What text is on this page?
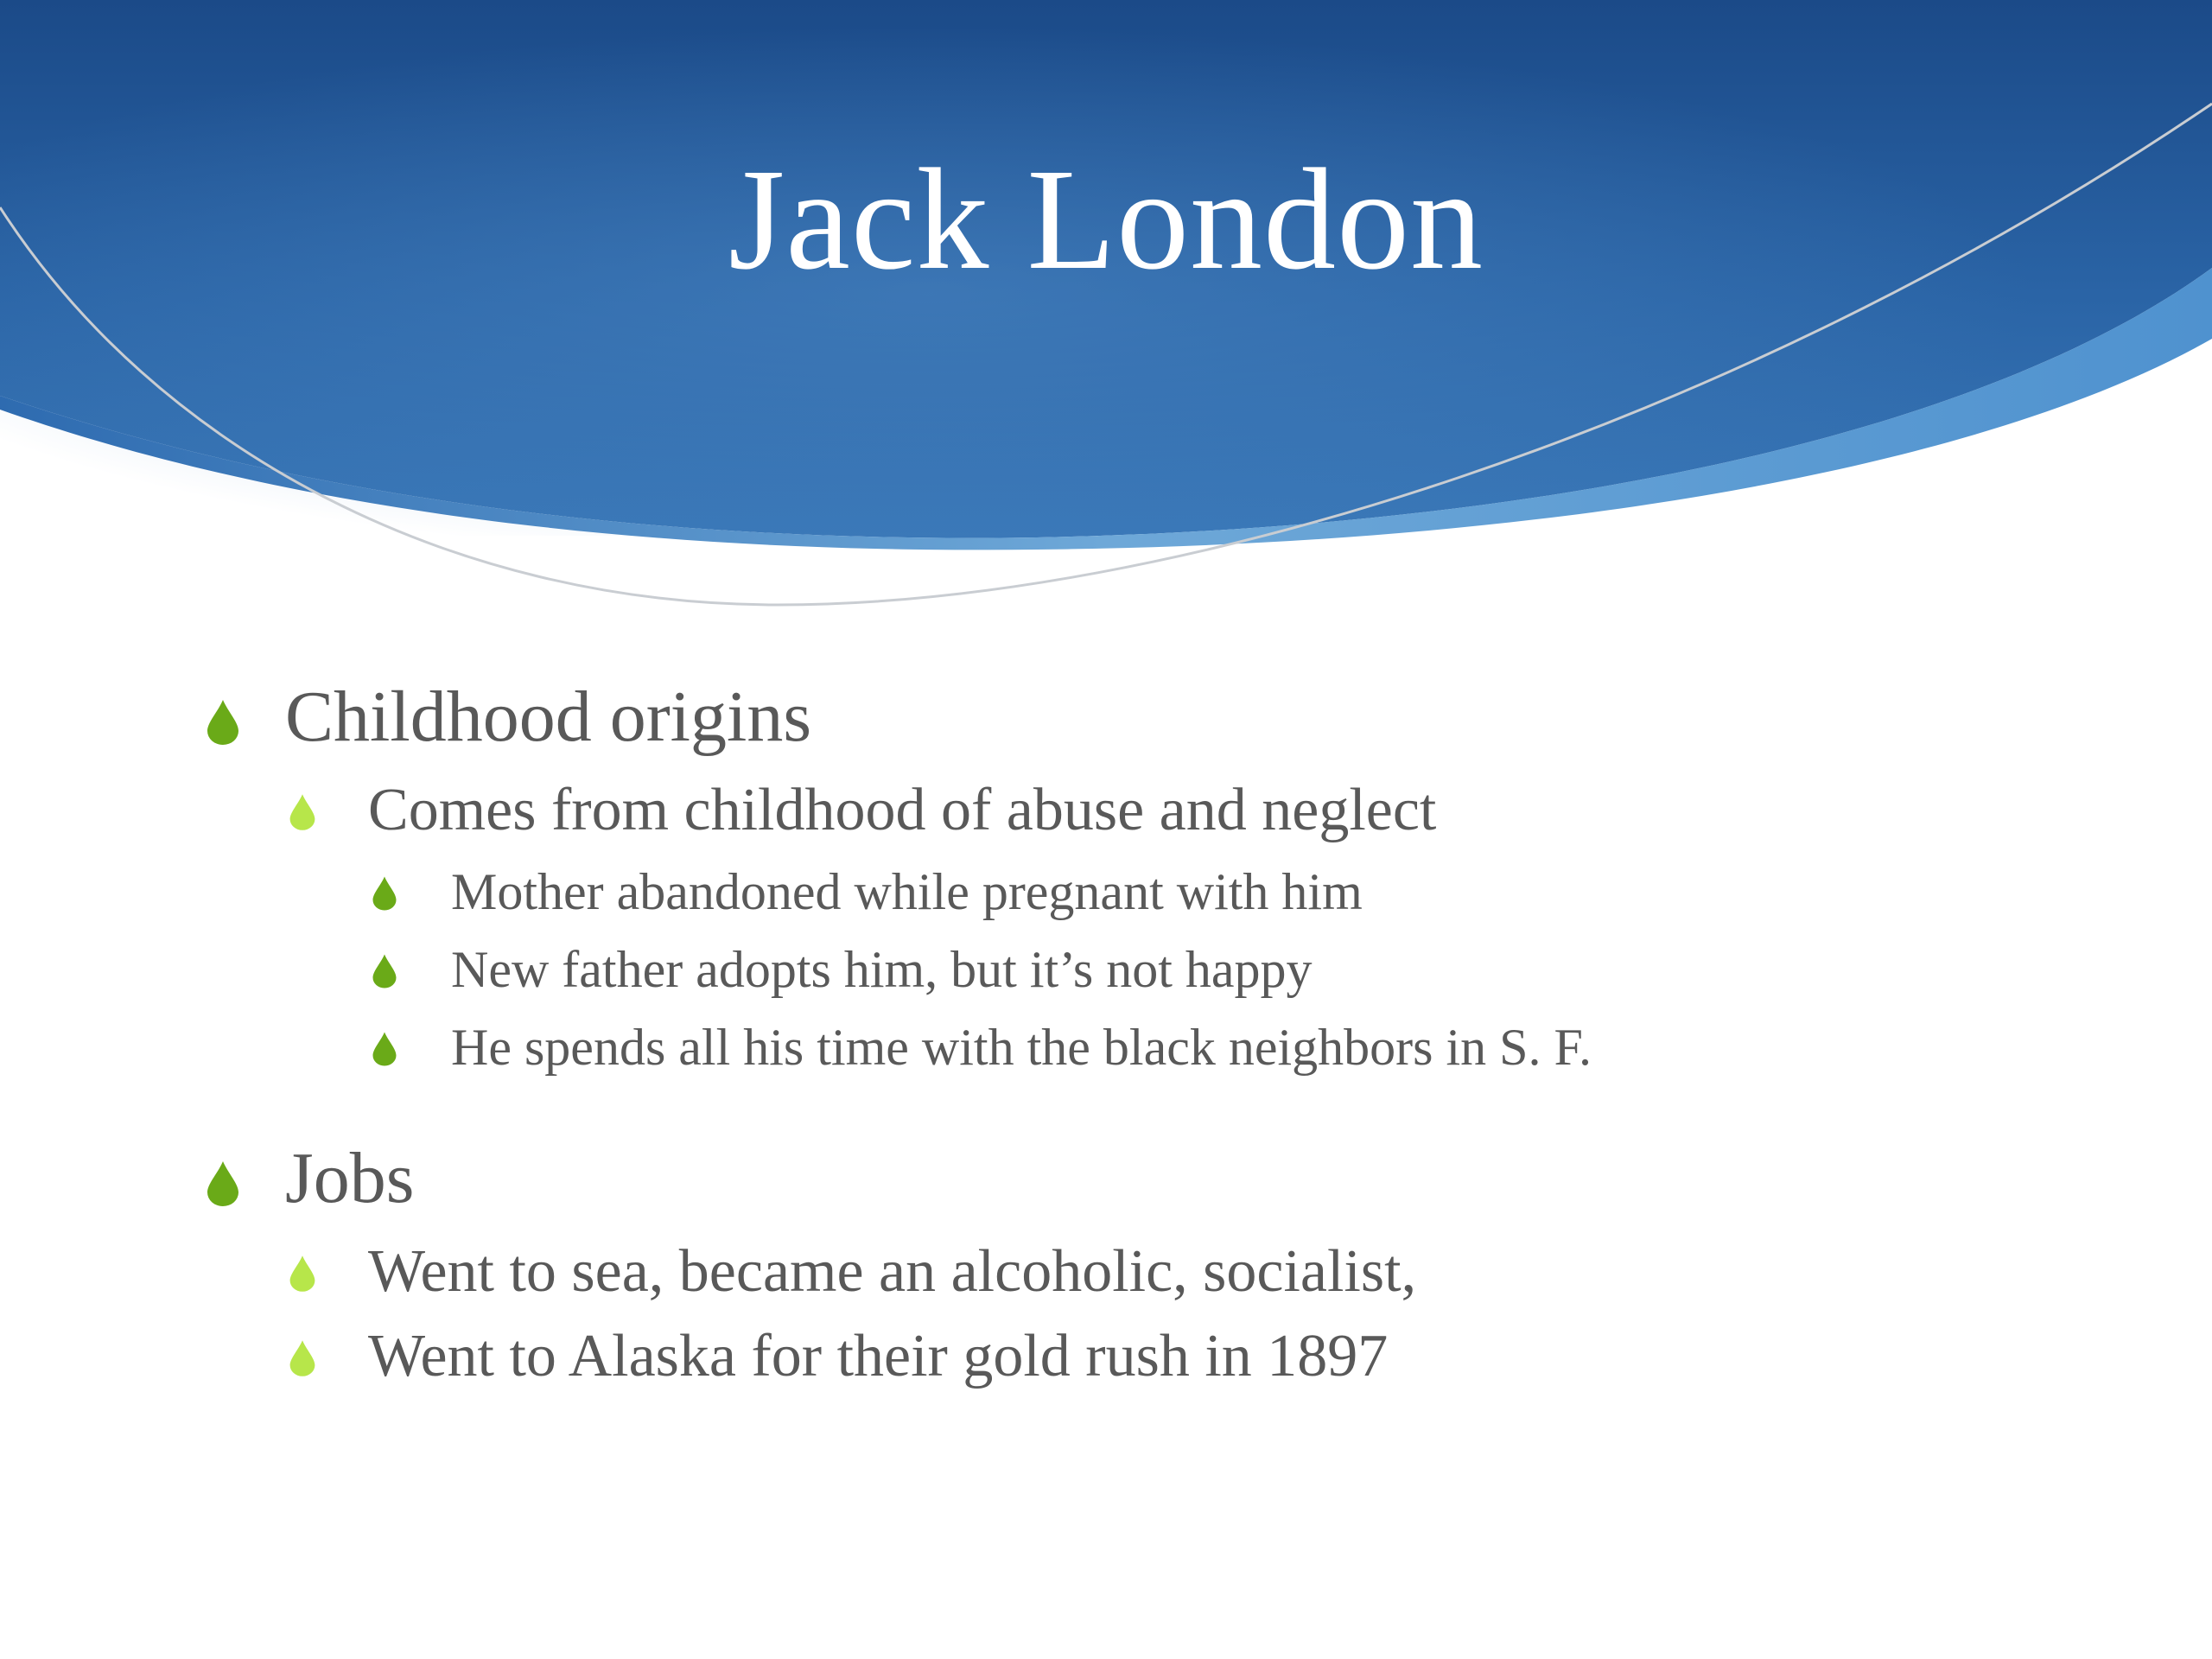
Jack London
Childhood origins
Comes from childhood of abuse and neglect
Mother abandoned while pregnant with him
New father adopts him, but it’s not happy
He spends all his time with the black neighbors in S. F.
Jobs
Went to sea, became an alcoholic, socialist,
Went to Alaska for their gold rush in 1897
